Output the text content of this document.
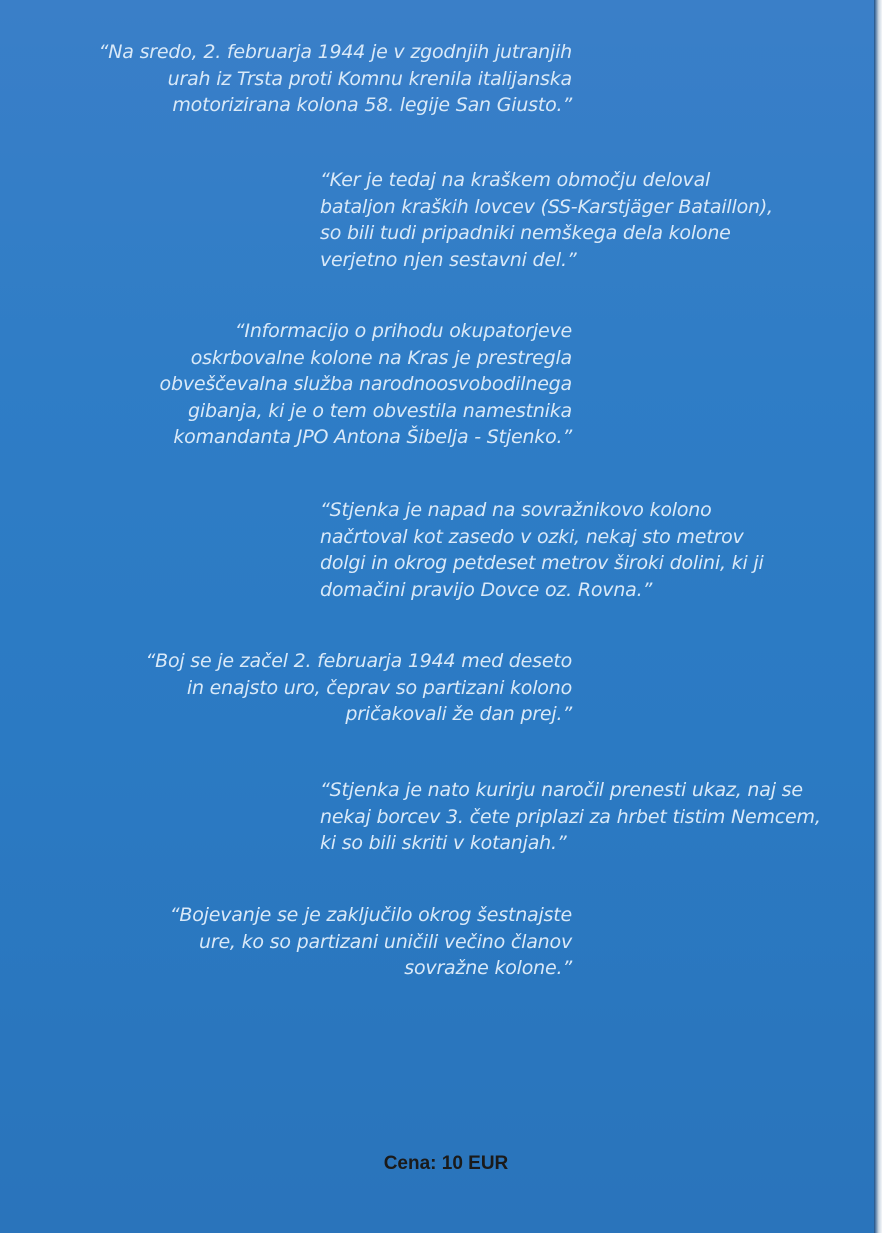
“Na sredo, 2. februarja 1944 je v zgodnjih jutranjih
urah iz Trsta proti Komnu krenila italijanska
motorizirana kolona 58. legije San Giusto.”

“Ker je tedaj na kraškem območju deloval
bataljon kraških lovcev (SS-Karstjäger Bataillon),
so bili tudi pripadniki nemškega dela kolone
verjetno njen sestavni del.”

“Informacijo o prihodu okupatorjeve
oskrbovalne kolone na Kras je prestregla
obveščevalna služba narodnoosvobodilnega
gibanja, ki je o tem obvestila namestnika
komandanta JPO Antona Šibelja - Stjenko.”

“Stjenka je napad na sovražnikovo kolono
načrtoval kot zasedo v ozki, nekaj sto metrov
dolgi in okrog petdeset metrov široki dolini, ki ji
domačini pravijo Dovce oz. Rovna.”

“Boj se je začel 2. februarja 1944 med deseto
in enajsto uro, čeprav so partizani kolono
pričakovali že dan prej.”

“Stjenka je nato kurirju naročil prenesti ukaz, naj se
nekaj borcev 3. čete priplazi za hrbet tistim Nemcem,
ki so bili skriti v kotanjah.”

“Bojevanje se je zaključilo okrog šestnajste
ure, ko so partizani uničili večino članov
sovražne kolone.”

Cena: 10 EUR
